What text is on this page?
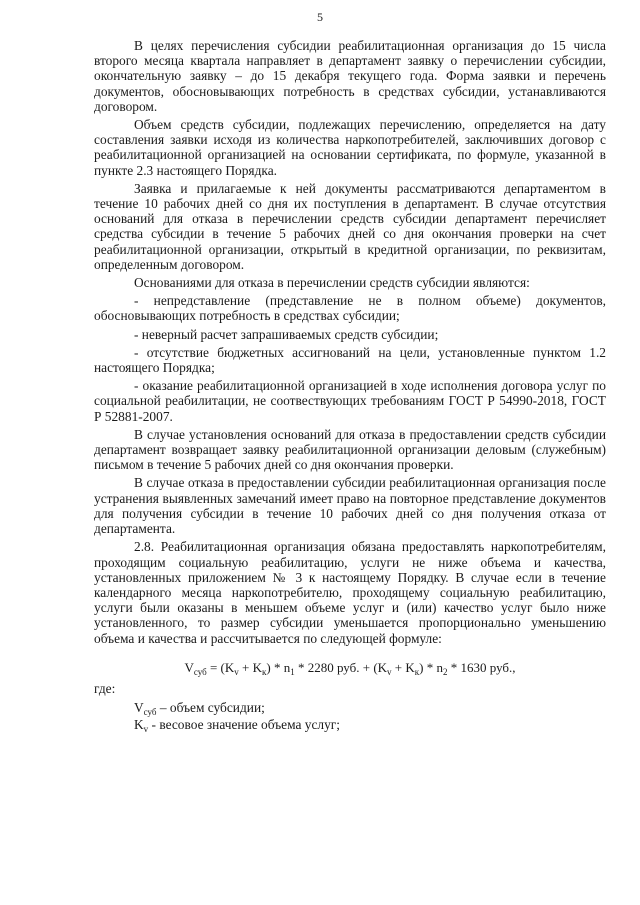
5

В целях перечисления субсидии реабилитационная организация до 15 числа второго месяца квартала направляет в департамент заявку о перечислении субсидии, окончательную заявку – до 15 декабря текущего года. Форма заявки и перечень документов, обосновывающих потребность в средствах субсидии, устанавливаются договором.

Объем средств субсидии, подлежащих перечислению, определяется на дату составления заявки исходя из количества наркопотребителей, заключивших договор с реабилитационной организацией на основании сертификата, по формуле, указанной в пункте 2.3 настоящего Порядка.

Заявка и прилагаемые к ней документы рассматриваются департаментом в течение 10 рабочих дней со дня их поступления в департамент. В случае отсутствия оснований для отказа в перечислении средств субсидии департамент перечисляет средства субсидии в течение 5 рабочих дней со дня окончания проверки на счет реабилитационной организации, открытый в кредитной организации, по реквизитам, определенным договором.

Основаниями для отказа в перечислении средств субсидии являются:

- непредставление (представление не в полном объеме) документов, обосновывающих потребность в средствах субсидии;

- неверный расчет запрашиваемых средств субсидии;

- отсутствие бюджетных ассигнований на цели, установленные пунктом 1.2 настоящего Порядка;

- оказание реабилитационной организацией в ходе исполнения договора услуг по социальной реабилитации, не соотвествующих требованиям ГОСТ Р 54990-2018, ГОСТ Р 52881-2007.

В случае установления оснований для отказа в предоставлении средств субсидии департамент возвращает заявку реабилитационной организации деловым (служебным) письмом в течение 5 рабочих дней со дня окончания проверки.

В случае отказа в предоставлении субсидии реабилитационная организация после устранения выявленных замечаний имеет право на повторное представление документов для получения субсидии в течение 10 рабочих дней со дня получения отказа от департамента.

2.8. Реабилитационная организация обязана предоставлять наркопотребителям, проходящим социальную реабилитацию, услуги не ниже объема и качества, установленных приложением № 3 к настоящему Порядку. В случае если в течение календарного месяца наркопотребителю, проходящему социальную реабилитацию, услуги были оказаны в меньшем объеме услуг и (или) качество услуг было ниже установленного, то размер субсидии уменьшается пропорционально уменьшению объема и качества и рассчитывается по следующей формуле:

$V_{суб} = (K_v + K_к) * n_1 * 2280$ руб. + $(K_v + K_к) * n_2 * 1630$ руб.,

где:

$V_{суб}$ – объем субсидии;

$K_v$ - весовое значение объема услуг;
